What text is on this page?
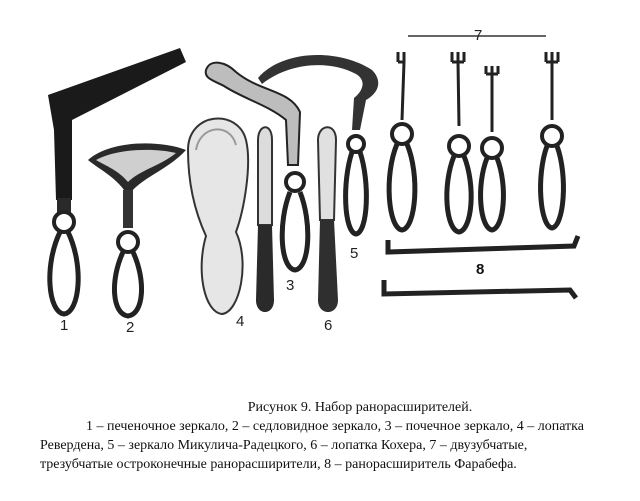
1	2
3
4
5
6
7
8
Рисунок 9. Набор ранорасширителей.
1 – печеночное зеркало, 2 – седловидное зеркало, 3 – почечное зеркало, 4 – лопатка
Ревердена, 5 – зеркало Микулича-Радецкого, 6 – лопатка Кохера, 7 – двузубчатые,
трезубчатые остроконечные ранорасширители, 8 – ранорасширитель Фарабефа.
